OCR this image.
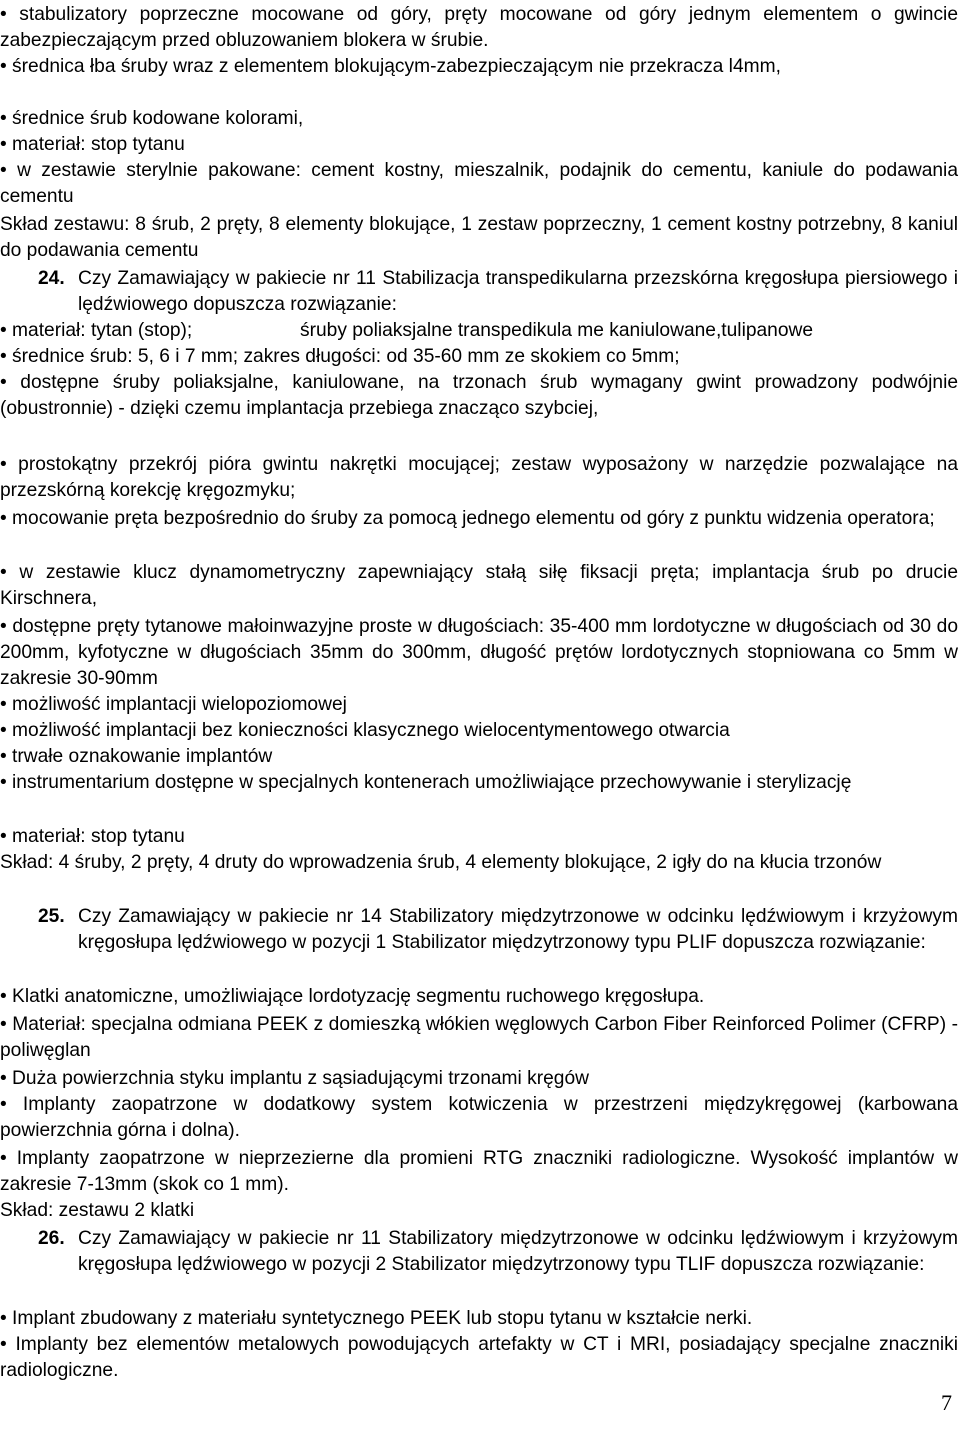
• stabulizatory poprzeczne mocowane od góry, pręty mocowane od góry jednym elementem o gwincie zabezpieczającym przed obluzowaniem blokera w śrubie.
• średnica łba śruby wraz z elementem blokującym-zabezpieczającym nie przekracza l4mm,
• średnice śrub kodowane kolorami,
• materiał: stop tytanu
• w zestawie sterylnie pakowane: cement kostny, mieszalnik, podajnik do cementu, kaniule do podawania cementu
Skład zestawu: 8 śrub, 2 pręty, 8 elementy blokujące, 1 zestaw poprzeczny, 1 cement kostny potrzebny, 8 kaniul do podawania cementu
24. Czy Zamawiający w pakiecie nr 11 Stabilizacja transpedikularna przezskórna kręgosłupa piersiowego i lędźwiowego dopuszcza rozwiązanie:
• materiał: tytan (stop);	śruby poliaksjalne transpedikula me kaniulowane,tulipanowe
• średnice śrub: 5, 6 i 7 mm; zakres długości: od 35-60 mm ze skokiem co 5mm;
• dostępne śruby poliaksjalne, kaniulowane, na trzonach śrub wymagany gwint prowadzony podwójnie (obustronnie) - dzięki czemu implantacja przebiega znacząco szybciej,
• prostokątny przekrój pióra gwintu nakrętki mocującej; zestaw wyposażony w narzędzie pozwalające na przezskórną korekcję kręgozmyku;
• mocowanie pręta bezpośrednio do śruby za pomocą jednego elementu od góry z punktu widzenia operatora;
• w zestawie klucz dynamometryczny zapewniający stałą siłę fiksacji pręta; implantacja śrub po drucie Kirschnera,
• dostępne pręty tytanowe małoinwazyjne proste w długościach: 35-400 mm lordotyczne w długościach od 30 do 200mm, kyfotyczne w długościach 35mm do 300mm, długość prętów lordotycznych stopniowana co 5mm w zakresie 30-90mm
• możliwość implantacji wielopoziomowej
• możliwość implantacji bez konieczności klasycznego wielocentymentowego otwarcia
• trwałe oznakowanie implantów
• instrumentarium dostępne w specjalnych kontenerach umożliwiające przechowywanie i sterylizację
• materiał: stop tytanu
Skład: 4 śruby, 2 pręty, 4 druty do wprowadzenia śrub, 4 elementy blokujące, 2 igły do na kłucia trzonów
25. Czy Zamawiający w pakiecie nr 14 Stabilizatory międzytrzonowe w odcinku lędźwiowym i krzyżowym kręgosłupa lędźwiowego w pozycji 1 Stabilizator międzytrzonowy typu PLIF dopuszcza rozwiązanie:
• Klatki anatomiczne, umożliwiające lordotyzację segmentu ruchowego kręgosłupa.
• Materiał: specjalna odmiana PEEK z domieszką włókien węglowych Carbon Fiber Reinforced Polimer (CFRP) - poliwęglan
• Duża powierzchnia styku implantu z sąsiadującymi trzonami kręgów
• Implanty zaopatrzone w dodatkowy system kotwiczenia w przestrzeni międzykręgowej (karbowana powierzchnia górna i dolna).
• Implanty zaopatrzone w nieprzezierne dla promieni RTG znaczniki radiologiczne. Wysokość implantów w zakresie 7-13mm (skok co 1 mm).
Skład: zestawu 2 klatki
26. Czy Zamawiający w pakiecie nr 11 Stabilizatory międzytrzonowe w odcinku lędźwiowym i krzyżowym kręgosłupa lędźwiowego w pozycji 2 Stabilizator międzytrzonowy typu TLIF dopuszcza rozwiązanie:
• Implant zbudowany z materiału syntetycznego PEEK lub stopu tytanu w kształcie nerki.
• Implanty bez elementów metalowych powodujących artefakty w CT i MRI, posiadający specjalne znaczniki radiologiczne.
7
